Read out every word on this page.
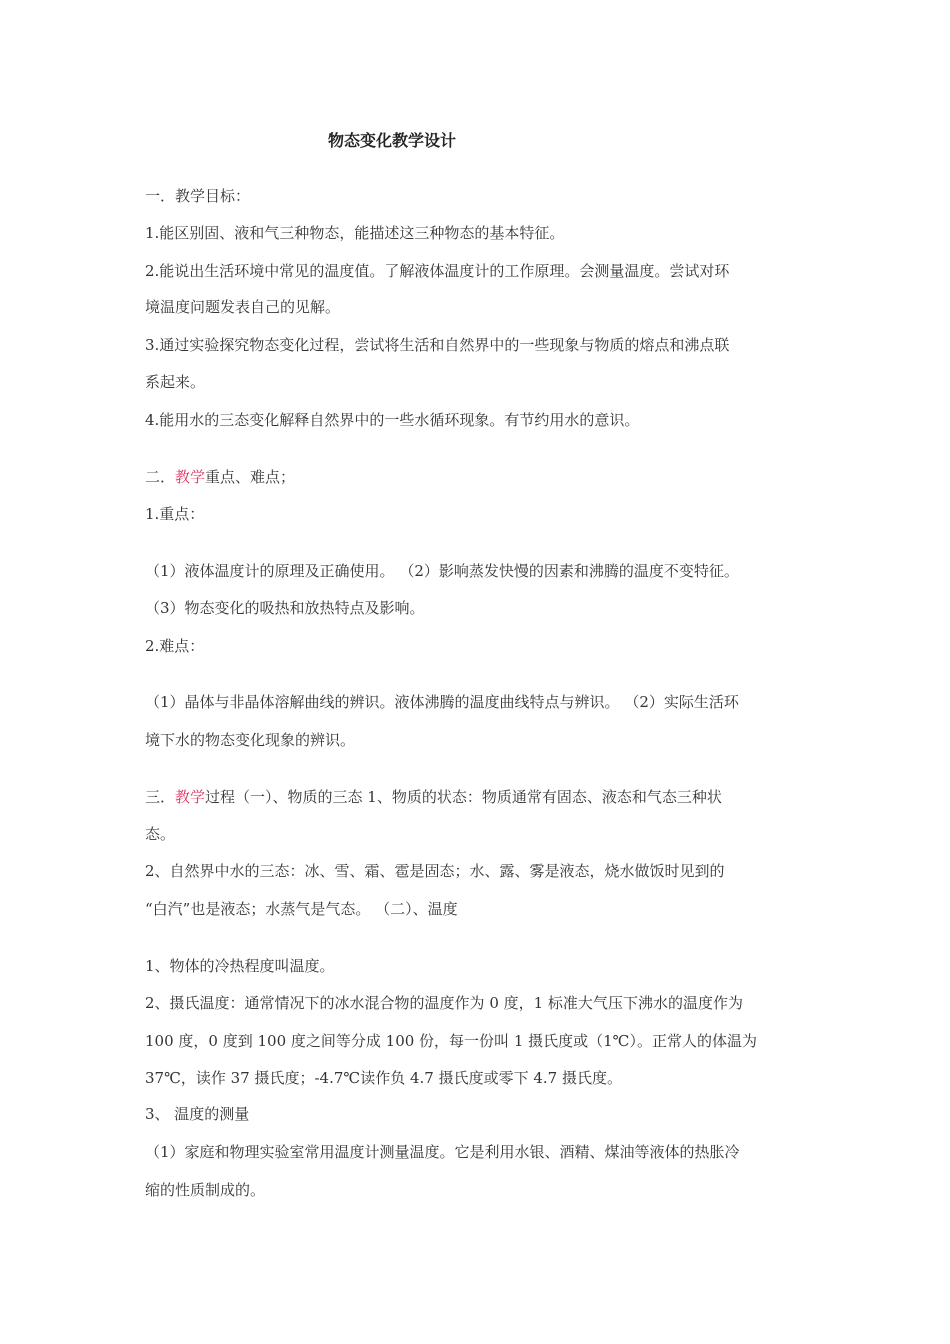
物态变化教学设计
一．教学目标：
1.能区别固、液和气三种物态，能描述这三种物态的基本特征。
2.能说出生活环境中常见的温度值。了解液体温度计的工作原理。会测量温度。尝试对环
境温度问题发表自己的见解。
3.通过实验探究物态变化过程，尝试将生活和自然界中的一些现象与物质的熔点和沸点联
系起来。
4.能用水的三态变化解释自然界中的一些水循环现象。有节约用水的意识。
二．教学重点、难点；
1.重点：
（1）液体温度计的原理及正确使用。 （2）影响蒸发快慢的因素和沸腾的温度不变特征。
（3）物态变化的吸热和放热特点及影响。
2.难点：
（1）晶体与非晶体溶解曲线的辨识。液体沸腾的温度曲线特点与辨识。 （2）实际生活环
境下水的物态变化现象的辨识。
三．教学过程（一）、物质的三态 1、物质的状态：物质通常有固态、液态和气态三种状
态。
2、自然界中水的三态：冰、雪、霜、雹是固态；水、露、雾是液态，烧水做饭时见到的
“白汽”也是液态；水蒸气是气态。 （二）、温度
1、物体的冷热程度叫温度。
2、摄氏温度：通常情况下的冰水混合物的温度作为 0 度，1 标准大气压下沸水的温度作为
100 度，0 度到 100 度之间等分成 100 份，每一份叫 1 摄氏度或（1℃）。正常人的体温为
37℃，读作 37 摄氏度；-4.7℃读作负 4.7 摄氏度或零下 4.7 摄氏度。
3、 温度的测量
（1）家庭和物理实验室常用温度计测量温度。它是利用水银、酒精、煤油等液体的热胀冷
缩的性质制成的。
